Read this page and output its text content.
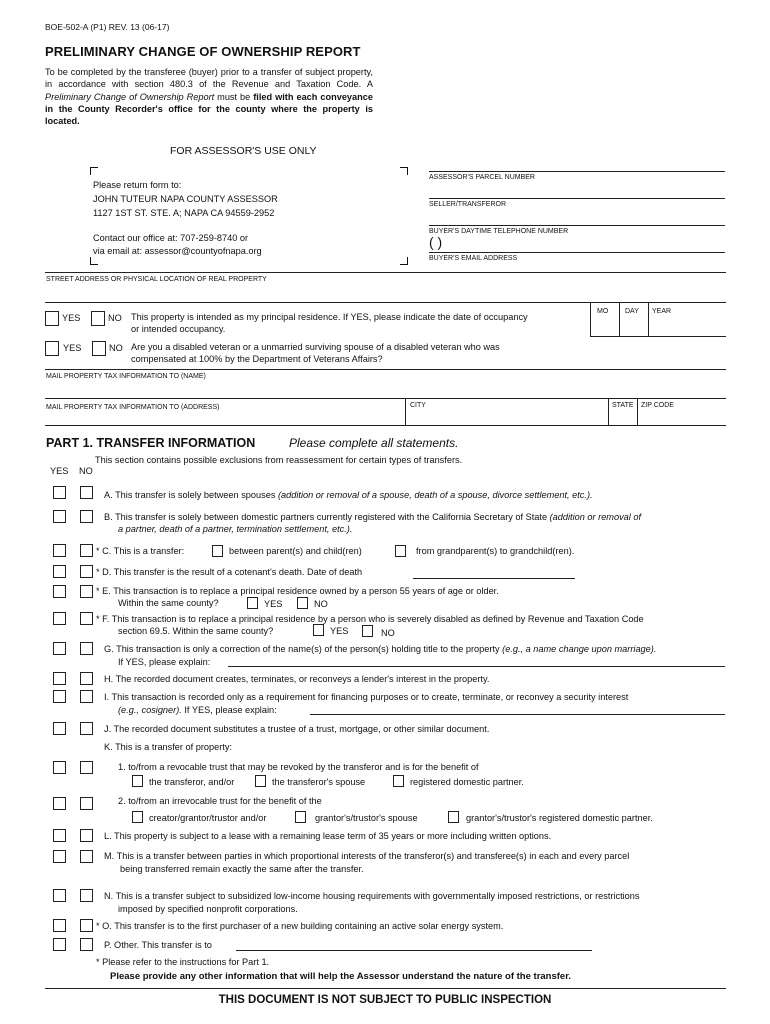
BOE-502-A (P1) REV. 13 (06-17)
PRELIMINARY CHANGE OF OWNERSHIP REPORT
To be completed by the transferee (buyer) prior to a transfer of subject property, in accordance with section 480.3 of the Revenue and Taxation Code. A Preliminary Change of Ownership Report must be filed with each conveyance in the County Recorder's office for the county where the property is located.
FOR ASSESSOR'S USE ONLY
Please return form to:
JOHN TUTEUR NAPA COUNTY ASSESSOR
1127 1ST ST. STE. A; NAPA CA 94559-2952
Contact our office at: 707-259-8740 or
via email at: assessor@countyofnapa.org
ASSESSOR'S PARCEL NUMBER
SELLER/TRANSFEROR
BUYER'S DAYTIME TELEPHONE NUMBER
( )
BUYER'S EMAIL ADDRESS
STREET ADDRESS OR PHYSICAL LOCATION OF REAL PROPERTY
YES	NO This property is intended as my principal residence. If YES, please indicate the date of occupancy
or intended occupancy.
MO DAY YEAR
YES	NO Are you a disabled veteran or a unmarried surviving spouse of a disabled veteran who was
compensated at 100% by the Department of Veterans Affairs?
MAIL PROPERTY TAX INFORMATION TO (NAME)
MAIL PROPERTY TAX INFORMATION TO (ADDRESS)	CITY	STATE ZIP CODE
PART 1. TRANSFER INFORMATION	Please complete all statements.
This section contains possible exclusions from reassessment for certain types of transfers.
YES NO
A. This transfer is solely between spouses (addition or removal of a spouse, death of a spouse, divorce settlement, etc.).
B. This transfer is solely between domestic partners currently registered with the California Secretary of State (addition or removal of
a partner, death of a partner, termination settlement, etc.).
* C. This is a transfer:	between parent(s) and child(ren)	from grandparent(s) to grandchild(ren).
* D. This transfer is the result of a cotenant's death. Date of death
* E. This transaction is to replace a principal residence owned by a person 55 years of age or older.
Within the same county?	YES	NO
* F. This transaction is to replace a principal residence by a person who is severely disabled as defined by Revenue and Taxation Code
section 69.5. Within the same county?	YES	NO
G. This transaction is only a correction of the name(s) of the person(s) holding title to the property (e.g., a name change upon marriage).
If YES, please explain:
H. The recorded document creates, terminates, or reconveys a lender's interest in the property.
I. This transaction is recorded only as a requirement for financing purposes or to create, terminate, or reconvey a security interest
(e.g., cosigner). If YES, please explain:
J. The recorded document substitutes a trustee of a trust, mortgage, or other similar document.
K. This is a transfer of property:
1. to/from a revocable trust that may be revoked by the transferor and is for the benefit of
the transferor, and/or	the transferor's spouse	registered domestic partner.
2. to/from an irrevocable trust for the benefit of the
creator/grantor/trustor and/or	grantor's/trustor's spouse	grantor's/trustor's registered domestic partner.
L. This property is subject to a lease with a remaining lease term of 35 years or more including written options.
M. This is a transfer between parties in which proportional interests of the transferor(s) and transferee(s) in each and every parcel
being transferred remain exactly the same after the transfer.
N. This is a transfer subject to subsidized low-income housing requirements with governmentally imposed restrictions, or restrictions
imposed by specified nonprofit corporations.
* O. This transfer is to the first purchaser of a new building containing an active solar energy system.
P. Other. This transfer is to
* Please refer to the instructions for Part 1.
Please provide any other information that will help the Assessor understand the nature of the transfer.
THIS DOCUMENT IS NOT SUBJECT TO PUBLIC INSPECTION
